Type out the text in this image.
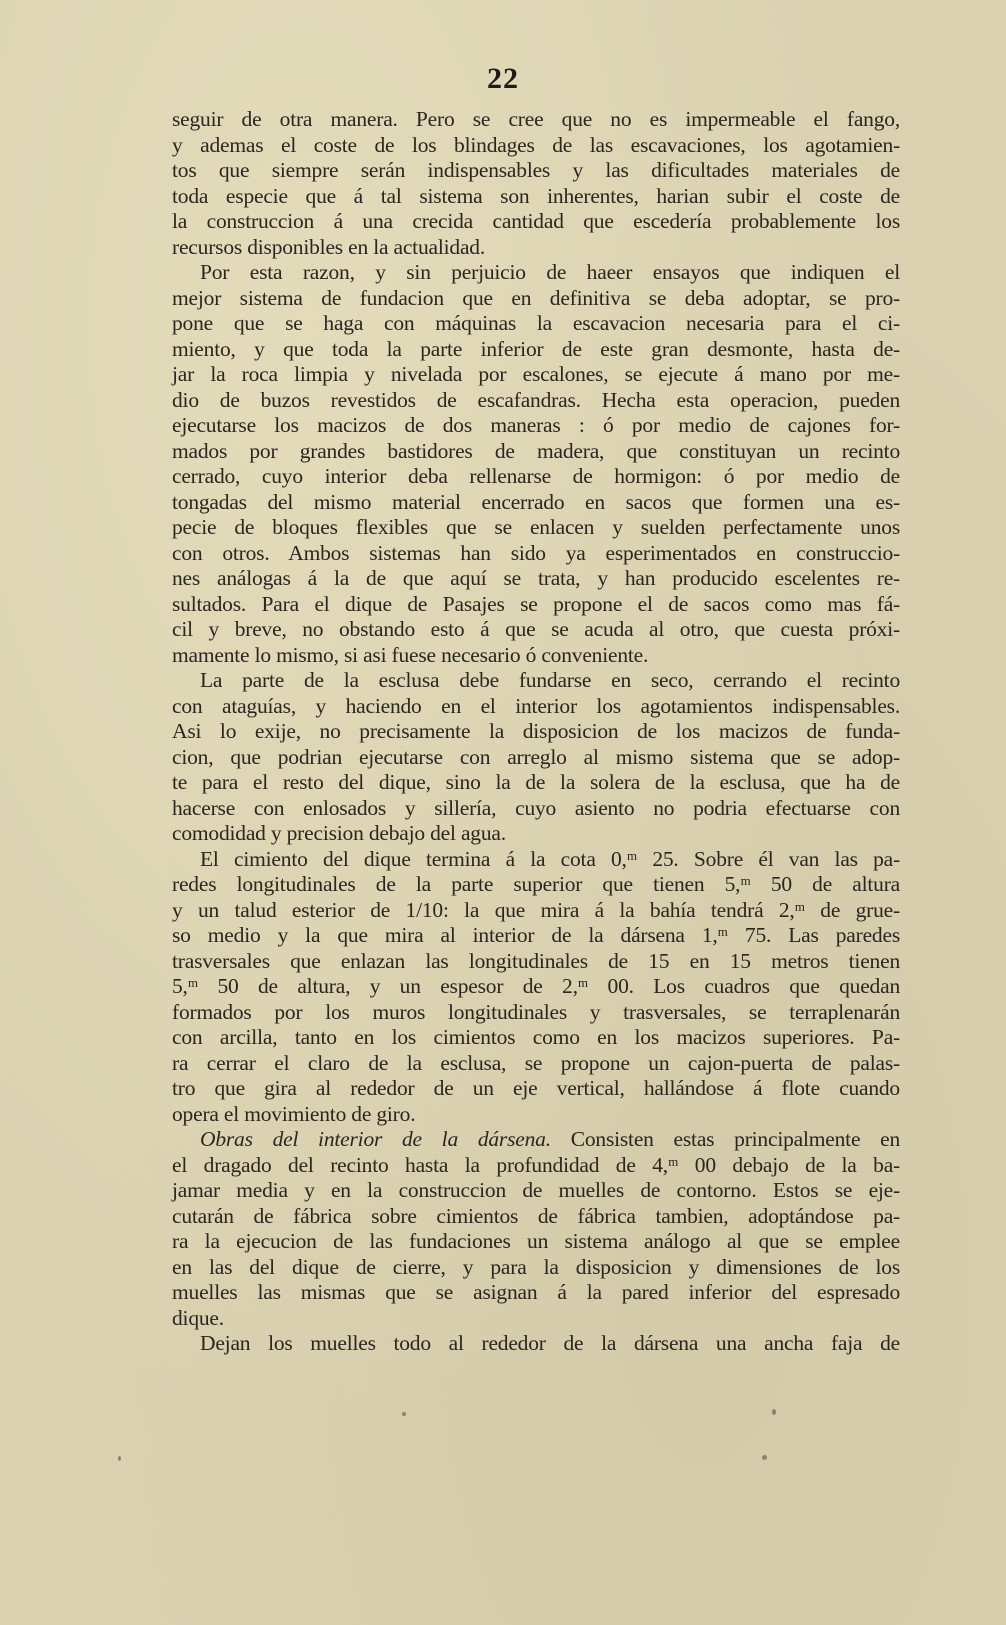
22
seguir de otra manera. Pero se cree que no es impermeable el fango,
y ademas el coste de los blindages de las escavaciones, los agotamien-
tos que siempre serán indispensables y las dificultades materiales de
toda especie que á tal sistema son inherentes, harian subir el coste de
la construccion á una crecida cantidad que escedería probablemente los
recursos disponibles en la actualidad.
Por esta razon, y sin perjuicio de haeer ensayos que indiquen el
mejor sistema de fundacion que en definitiva se deba adoptar, se pro-
pone que se haga con máquinas la escavacion necesaria para el ci-
miento, y que toda la parte inferior de este gran desmonte, hasta de-
jar la roca limpia y nivelada por escalones, se ejecute á mano por me-
dio de buzos revestidos de escafandras. Hecha esta operacion, pueden
ejecutarse los macizos de dos maneras : ó por medio de cajones for-
mados por grandes bastidores de madera, que constituyan un recinto
cerrado, cuyo interior deba rellenarse de hormigon: ó por medio de
tongadas del mismo material encerrado en sacos que formen una es-
pecie de bloques flexibles que se enlacen y suelden perfectamente unos
con otros. Ambos sistemas han sido ya esperimentados en construccio-
nes análogas á la de que aquí se trata, y han producido escelentes re-
sultados. Para el dique de Pasajes se propone el de sacos como mas fá-
cil y breve, no obstando esto á que se acuda al otro, que cuesta próxi-
mamente lo mismo, si asi fuese necesario ó conveniente.
La parte de la esclusa debe fundarse en seco, cerrando el recinto
con ataguías, y haciendo en el interior los agotamientos indispensables.
Asi lo exije, no precisamente la disposicion de los macizos de funda-
cion, que podrian ejecutarse con arreglo al mismo sistema que se adop-
te para el resto del dique, sino la de la solera de la esclusa, que ha de
hacerse con enlosados y sillería, cuyo asiento no podria efectuarse con
comodidad y precision debajo del agua.
El cimiento del dique termina á la cota 0,ᵐ 25. Sobre él van las pa-
redes longitudinales de la parte superior que tienen 5,ᵐ 50 de altura
y un talud esterior de 1/10: la que mira á la bahía tendrá 2,ᵐ de grue-
so medio y la que mira al interior de la dársena 1,ᵐ 75. Las paredes
trasversales que enlazan las longitudinales de 15 en 15 metros tienen
5,ᵐ 50 de altura, y un espesor de 2,ᵐ 00. Los cuadros que quedan
formados por los muros longitudinales y trasversales, se terraplenarán
con arcilla, tanto en los cimientos como en los macizos superiores. Pa-
ra cerrar el claro de la esclusa, se propone un cajon-puerta de palas-
tro que gira al rededor de un eje vertical, hallándose á flote cuando
opera el movimiento de giro.
Obras del interior de la dársena. Consisten estas principalmente en
el dragado del recinto hasta la profundidad de 4,ᵐ 00 debajo de la ba-
jamar media y en la construccion de muelles de contorno. Estos se eje-
cutarán de fábrica sobre cimientos de fábrica tambien, adoptándose pa-
ra la ejecucion de las fundaciones un sistema análogo al que se emplee
en las del dique de cierre, y para la disposicion y dimensiones de los
muelles las mismas que se asignan á la pared inferior del espresado
dique.
Dejan los muelles todo al rededor de la dársena una ancha faja de
